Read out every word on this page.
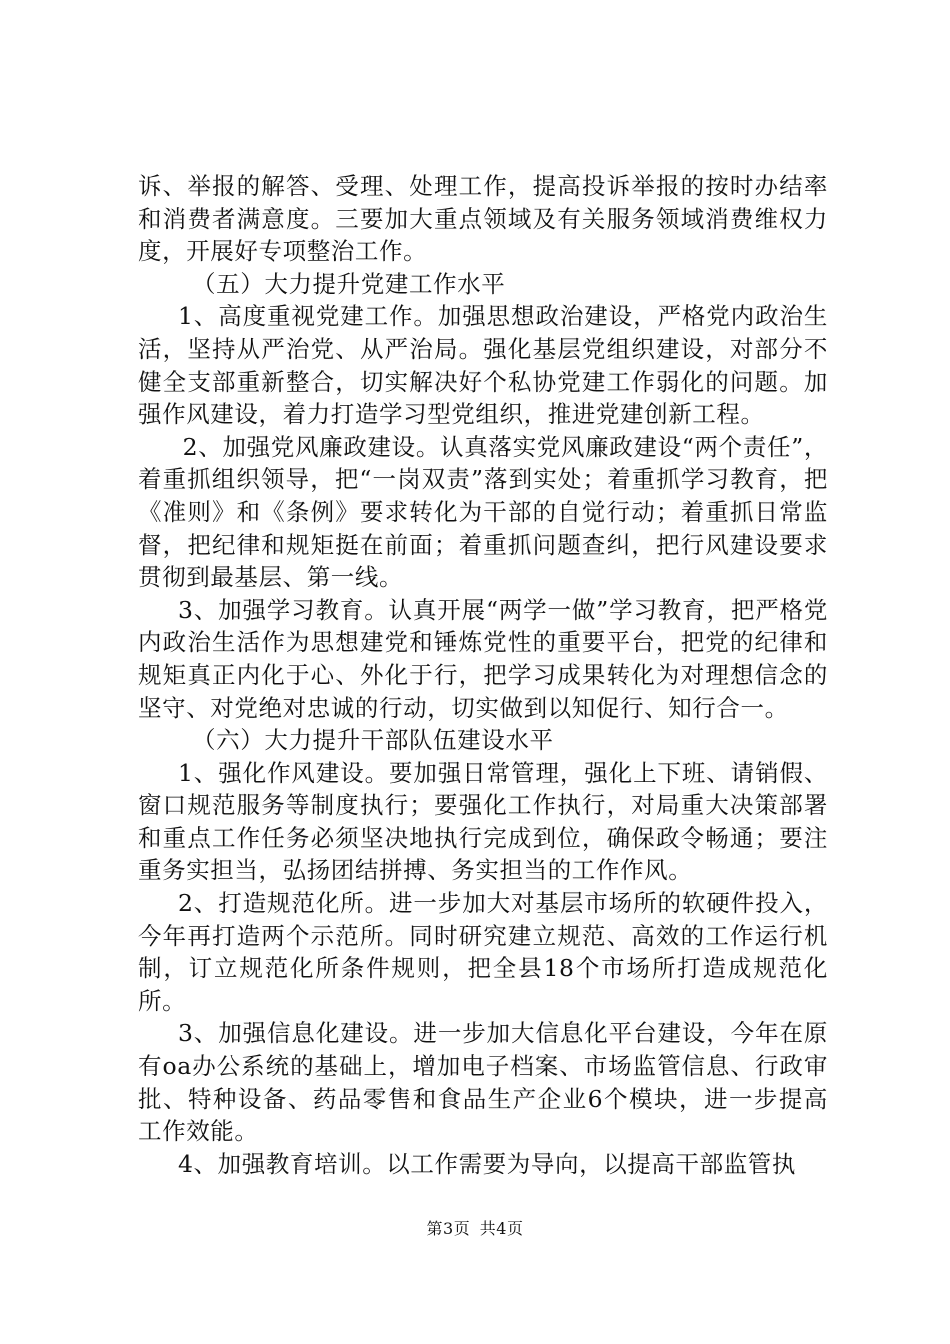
诉、举报的解答、受理、处理工作，提高投诉举报的按时办结率和消费者满意度。三要加大重点领域及有关服务领域消费维权力度，开展好专项整治工作。

（五）大力提升党建工作水平

1、高度重视党建工作。加强思想政治建设，严格党内政治生活，坚持从严治党、从严治局。强化基层党组织建设，对部分不健全支部重新整合，切实解决好个私协党建工作弱化的问题。加强作风建设，着力打造学习型党组织，推进党建创新工程。

2、加强党风廉政建设。认真落实党风廉政建设“两个责任”，着重抓组织领导，把“一岗双责”落到实处；着重抓学习教育，把《准则》和《条例》要求转化为干部的自觉行动；着重抓日常监督，把纪律和规矩挺在前面；着重抓问题查纠，把行风建设要求贯彻到最基层、第一线。

3、加强学习教育。认真开展“两学一做”学习教育，把严格党内政治生活作为思想建党和锤炼党性的重要平台，把党的纪律和规矩真正内化于心、外化于行，把学习成果转化为对理想信念的坚守、对党绝对忠诚的行动，切实做到以知促行、知行合一。

（六）大力提升干部队伍建设水平

1、强化作风建设。要加强日常管理，强化上下班、请销假、窗口规范服务等制度执行；要强化工作执行，对局重大决策部署和重点工作任务必须坚决地执行完成到位，确保政令畅通；要注重务实担当，弘扬团结拼搏、务实担当的工作作风。

2、打造规范化所。进一步加大对基层市场所的软硬件投入，今年再打造两个示范所。同时研究建立规范、高效的工作运行机制，订立规范化所条件规则，把全县18个市场所打造成规范化所。

3、加强信息化建设。进一步加大信息化平台建设，今年在原有oa办公系统的基础上，增加电子档案、市场监管信息、行政审批、特种设备、药品零售和食品生产企业6个模块，进一步提高工作效能。

4、加强教育培训。以工作需要为导向，以提高干部监管执

第3页 共4页
